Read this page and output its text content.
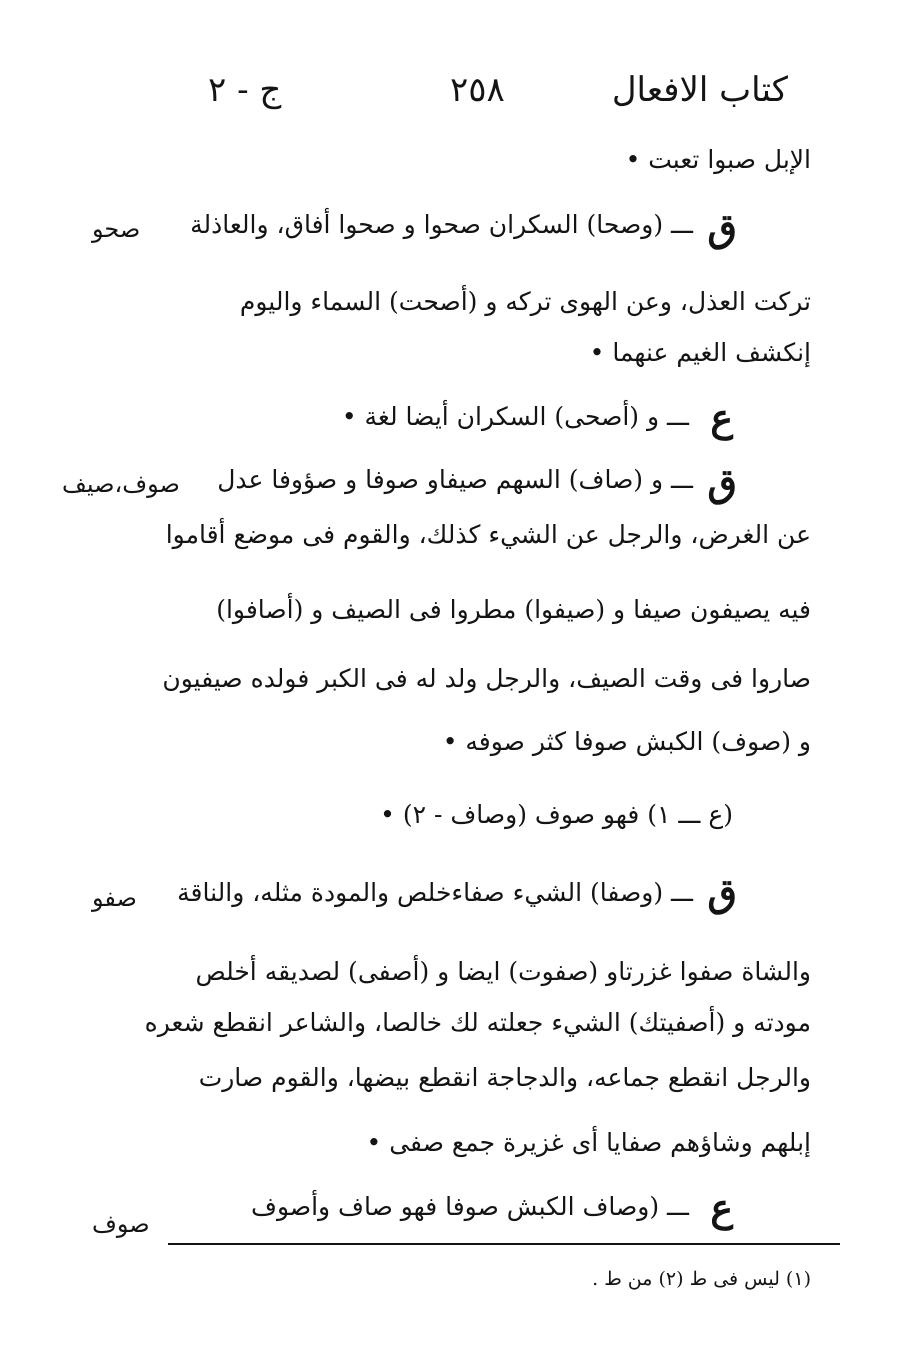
كتاب الافعال
٢٥٨
ج - ٢
الإبل صبوا تعبت •
ق
ـــ (وصحا) السكران صحوا و صحوا أفاق، والعاذلة
تركت العذل، وعن الهوى تركه و (أصحت) السماء واليوم
إنكشف الغيم عنهما •
ع
ـــ و (أصحى) السكران أيضا لغة •
ق
ـــ و (صاف) السهم صيفاو صوفا و صؤوفا عدل
عن الغرض، والرجل عن الشيء كذلك، والقوم فى موضع أقاموا
فيه يصيفون صيفا و (صيفوا) مطروا فى الصيف و (أصافوا)
صاروا فى وقت الصيف، والرجل ولد له فى الكبر فولده صيفيون
و (صوف) الكبش صوفا كثر صوفه •
(ع ـــ ١) فهو صوف (وصاف - ٢) •
ق
ـــ (وصفا) الشيء صفاءخلص والمودة مثله، والناقة
والشاة صفوا غزرتاو (صفوت) ايضا و (أصفى) لصديقه أخلص
مودته و (أصفيتك) الشيء جعلته لك خالصا، والشاعر انقطع شعره
والرجل انقطع جماعه، والدجاجة انقطع بيضها، والقوم صارت
إبلهم وشاؤهم صفايا أى غزيرة جمع صفى •
ع
ـــ (وصاف الكبش صوفا فهو صاف وأصوف
صحو
صوف،صيف
صفو
صوف
(١) ليس فى ط (٢) من ط .
